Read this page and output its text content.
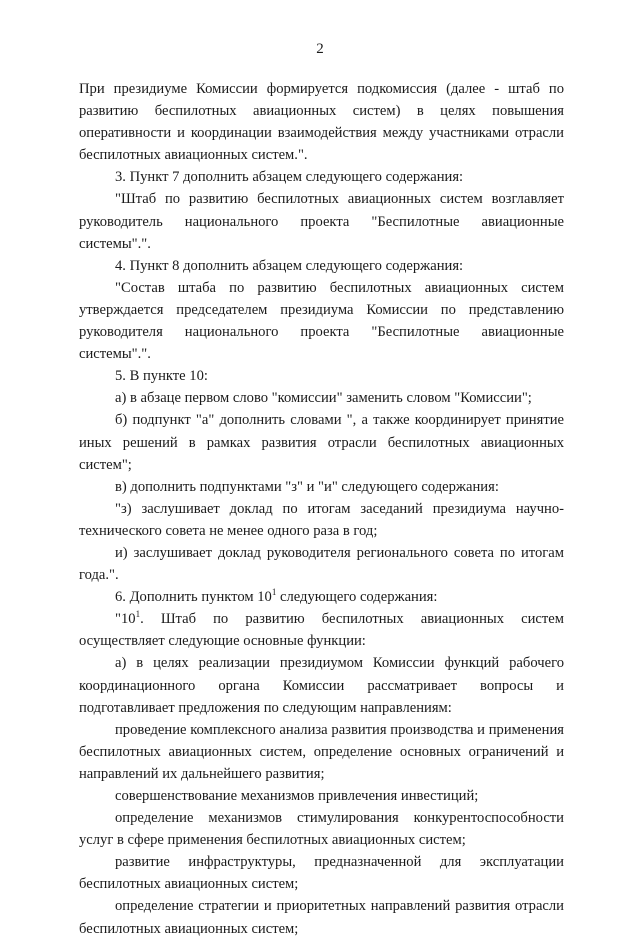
2

При президиуме Комиссии формируется подкомиссия (далее - штаб по развитию беспилотных авиационных систем) в целях повышения оперативности и координации взаимодействия между участниками отрасли беспилотных авиационных систем.".

3. Пункт 7 дополнить абзацем следующего содержания:

"Штаб по развитию беспилотных авиационных систем возглавляет руководитель национального проекта "Беспилотные авиационные системы".".

4. Пункт 8 дополнить абзацем следующего содержания:

"Состав штаба по развитию беспилотных авиационных систем утверждается председателем президиума Комиссии по представлению руководителя национального проекта "Беспилотные авиационные системы".".

5. В пункте 10:

а) в абзаце первом слово "комиссии" заменить словом "Комиссии";

б) подпункт "а" дополнить словами ", а также координирует принятие иных решений в рамках развития отрасли беспилотных авиационных систем";

в) дополнить подпунктами "з" и "и" следующего содержания:

"з) заслушивает доклад по итогам заседаний президиума научно-технического совета не менее одного раза в год;

и) заслушивает доклад руководителя регионального совета по итогам года.".

6. Дополнить пунктом $10^1$ следующего содержания:

"$10^1$. Штаб по развитию беспилотных авиационных систем осуществляет следующие основные функции:

а) в целях реализации президиумом Комиссии функций рабочего координационного органа Комиссии рассматривает вопросы и подготавливает предложения по следующим направлениям:

проведение комплексного анализа развития производства и применения беспилотных авиационных систем, определение основных ограничений и направлений их дальнейшего развития;

совершенствование механизмов привлечения инвестиций;

определение механизмов стимулирования конкурентоспособности услуг в сфере применения беспилотных авиационных систем;

развитие инфраструктуры, предназначенной для эксплуатации беспилотных авиационных систем;

определение стратегии и приоритетных направлений развития отрасли беспилотных авиационных систем;
